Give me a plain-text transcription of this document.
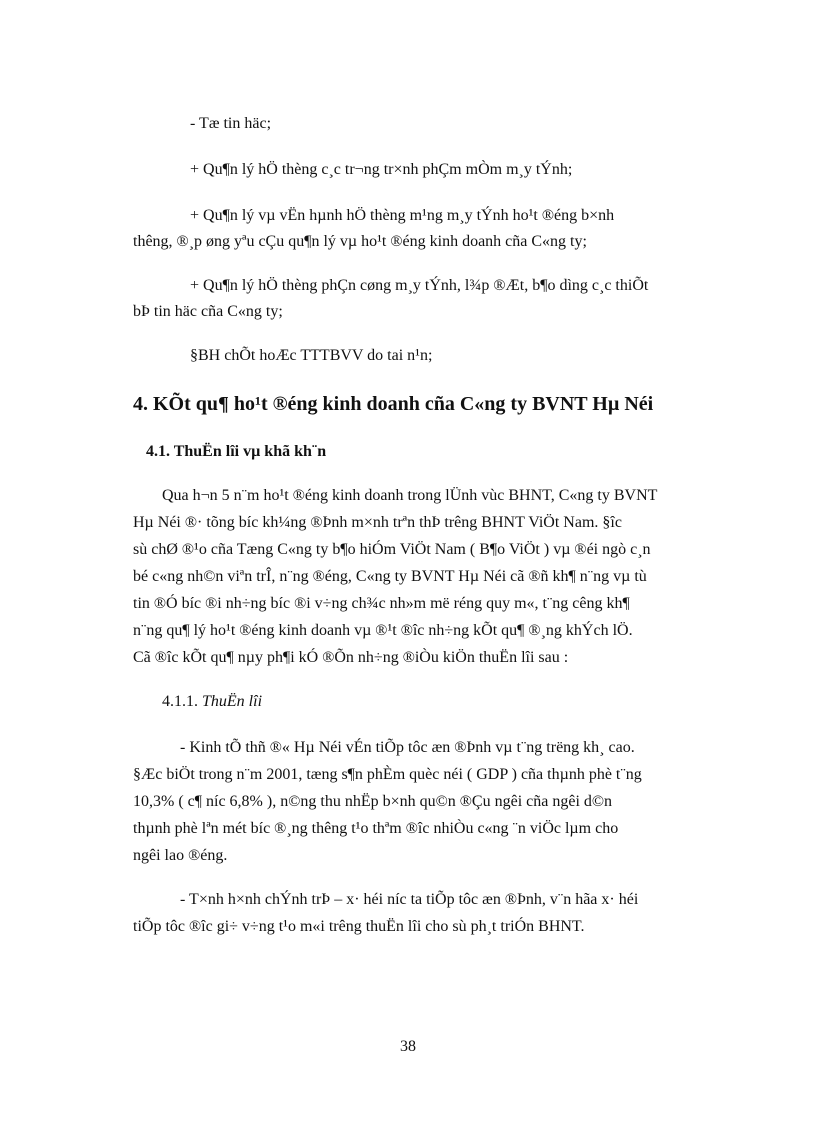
- Tæ tin häc;
+ Qu¶n lý hÖ thèng c¸c tr¬ng tr×nh phÇm mÒm m¸y tÝnh;
+ Qu¶n lý vµ vËn hµnh hÖ thèng m¹ng m¸y tÝnh ho¹t ®éng b×nh
thêng, ®¸p øng yªu cÇu qu¶n lý vµ ho¹t ®éng kinh doanh cña C«ng ty;
+ Qu¶n lý hÖ thèng phÇn cøng m¸y tÝnh, l¾p ®Æt, b¶o dìng c¸c thiÕt
bÞ tin häc cña C«ng ty;
§BH chÕt hoÆc TTTBVV do tai n¹n;
4. KÕt qu¶ ho¹t ®éng kinh doanh cña C«ng ty BVNT Hµ Néi
4.1. ThuËn lîi vµ khã kh¨n
Qua h¬n 5 n¨m ho¹t ®éng kinh doanh trong lÜnh vùc BHNT, C«ng ty BVNT
Hµ Néi ®· tõng bíc kh¼ng ®Þnh m×nh trªn thÞ trêng BHNT ViÖt Nam. §îc
sù chØ ®¹o cña Tæng C«ng ty b¶o hiÓm ViÖt Nam ( B¶o ViÖt ) vµ ®éi ngò c¸n
bé c«ng nh©n viªn trÎ, n¨ng ®éng, C«ng ty BVNT Hµ Néi cã ®ñ kh¶ n¨ng vµ tù
tin ®Ó bíc ®i nh÷ng bíc ®i v÷ng ch¾c nh»m më réng quy m«, t¨ng cêng kh¶
n¨ng qu¶ lý ho¹t ®éng kinh doanh vµ ®¹t ®îc nh÷ng kÕt qu¶ ®¸ng khÝch lÖ.
Cã ®îc kÕt qu¶ nµy ph¶i kÓ ®Õn nh÷ng ®iÒu kiÖn thuËn lîi sau :
4.1.1. ThuËn lîi
- Kinh tÕ thñ ®« Hµ Néi vÉn tiÕp tôc æn ®Þnh vµ t¨ng trëng kh¸ cao.
§Æc biÖt trong n¨m 2001, tæng s¶n phÈm quèc néi ( GDP ) cña thµnh phè t¨ng
10,3% ( c¶ níc 6,8% ), n©ng thu nhËp b×nh qu©n ®Çu ngêi cña ngêi d©n
thµnh phè lªn mét bíc ®¸ng thêng t¹o thªm ®îc nhiÒu c«ng ¨n viÖc lµm cho
ngêi lao ®éng.
- T×nh h×nh chÝnh trÞ – x· héi níc ta tiÕp tôc æn ®Þnh, v¨n hãa x· héi
tiÕp tôc ®îc gi÷ v÷ng t¹o m«i trêng thuËn lîi cho sù ph¸t triÓn BHNT.
38
